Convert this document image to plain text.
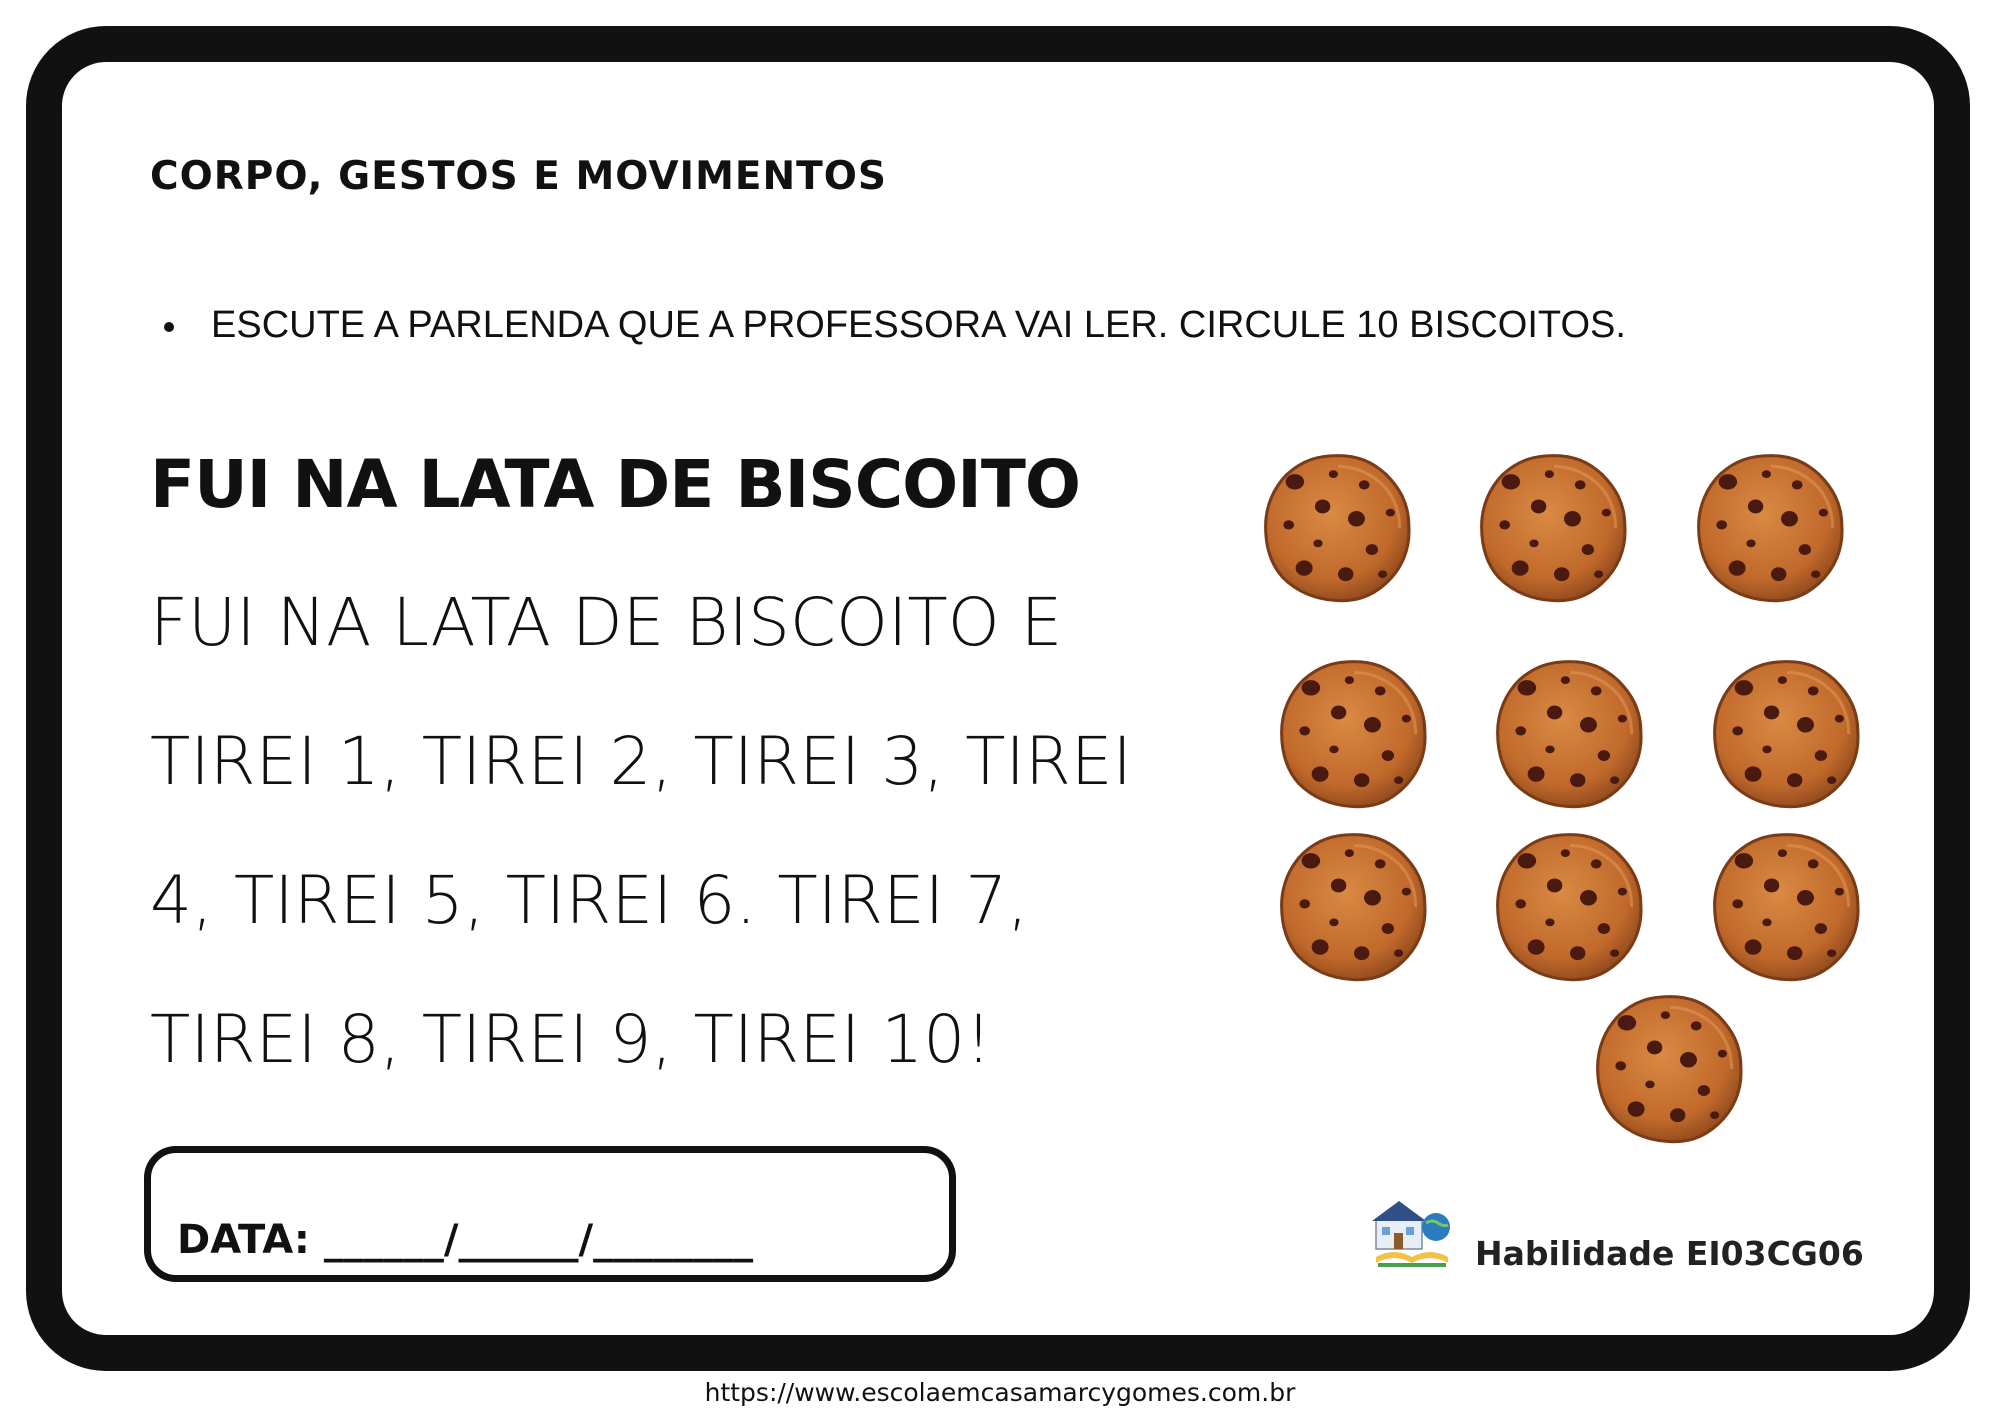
CORPO, GESTOS E MOVIMENTOS
ESCUTE A PARLENDA QUE A PROFESSORA VAI LER. CIRCULE 10 BISCOITOS.
FUI NA LATA DE BISCOITO
FUI NA LATA DE BISCOITO E
TIREI 1, TIREI 2, TIREI 3, TIREI
4, TIREI 5, TIREI 6. TIREI 7,
TIREI 8, TIREI 9, TIREI 10!
DATA: ______/______/________	Habilidade EI03CG06
https://www.escolaemcasamarcygomes.com.br
